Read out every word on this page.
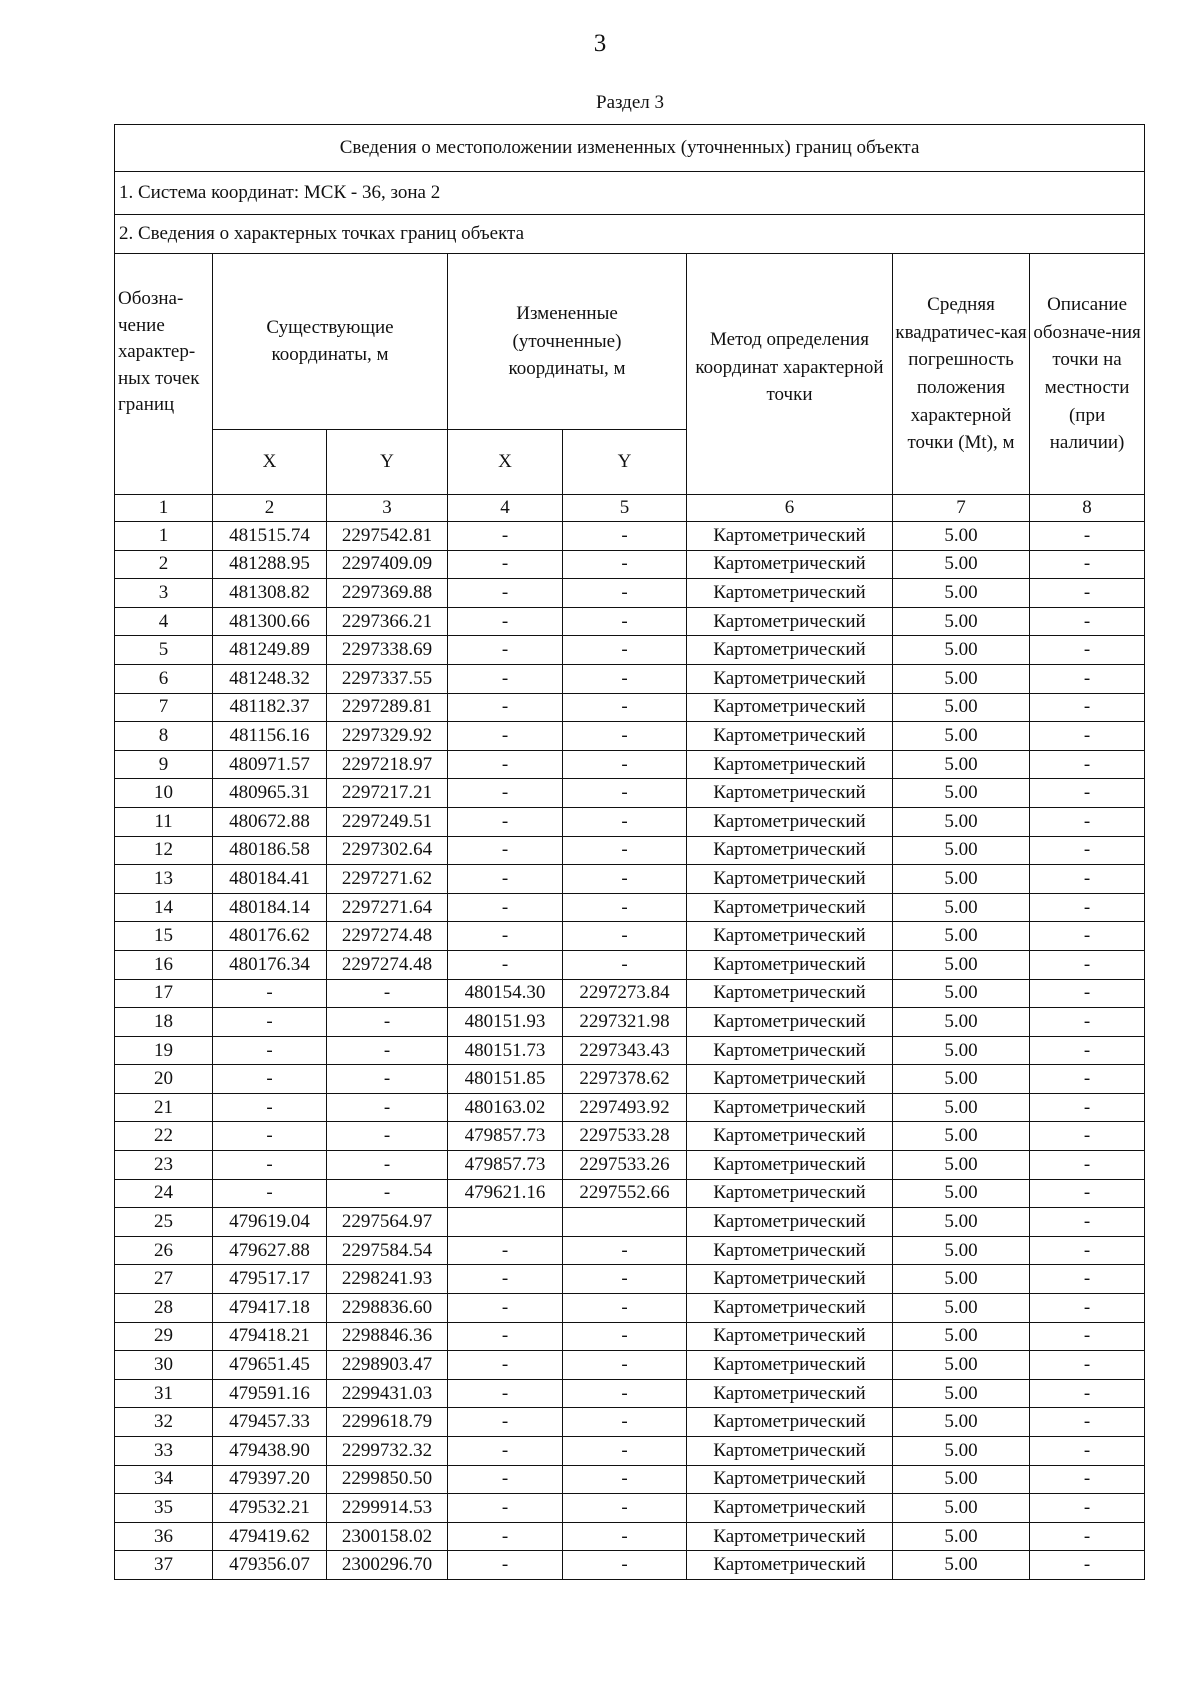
3
Раздел 3
Сведения о местоположении измененных (уточненных) границ объекта							
1. Система координат: МСК - 36, зона 2							
2. Сведения о характерных точках границ объекта							
Обозна-чение характер-ных точек границ	Существующие координаты, м		Измененные (уточненные) координаты, м		Метод определения координат характерной точки	Средняя квадратичес-кая погрешность положения характерной точки (Mt), м	Описание обозначе-ния точки на местности (при наличии)
	X	Y	X	Y			
1	2	3	4	5	6	7	8
1	481515.74	2297542.81	-	-	Картометрический	5.00	-
2	481288.95	2297409.09	-	-	Картометрический	5.00	-
3	481308.82	2297369.88	-	-	Картометрический	5.00	-
4	481300.66	2297366.21	-	-	Картометрический	5.00	-
5	481249.89	2297338.69	-	-	Картометрический	5.00	-
6	481248.32	2297337.55	-	-	Картометрический	5.00	-
7	481182.37	2297289.81	-	-	Картометрический	5.00	-
8	481156.16	2297329.92	-	-	Картометрический	5.00	-
9	480971.57	2297218.97	-	-	Картометрический	5.00	-
10	480965.31	2297217.21	-	-	Картометрический	5.00	-
11	480672.88	2297249.51	-	-	Картометрический	5.00	-
12	480186.58	2297302.64	-	-	Картометрический	5.00	-
13	480184.41	2297271.62	-	-	Картометрический	5.00	-
14	480184.14	2297271.64	-	-	Картометрический	5.00	-
15	480176.62	2297274.48	-	-	Картометрический	5.00	-
16	480176.34	2297274.48	-	-	Картометрический	5.00	-
17	-	-	480154.30	2297273.84	Картометрический	5.00	-
18	-	-	480151.93	2297321.98	Картометрический	5.00	-
19	-	-	480151.73	2297343.43	Картометрический	5.00	-
20	-	-	480151.85	2297378.62	Картометрический	5.00	-
21	-	-	480163.02	2297493.92	Картометрический	5.00	-
22	-	-	479857.73	2297533.28	Картометрический	5.00	-
23	-	-	479857.73	2297533.26	Картометрический	5.00	-
24	-	-	479621.16	2297552.66	Картометрический	5.00	-
25	479619.04	2297564.97			Картометрический	5.00	-
26	479627.88	2297584.54	-	-	Картометрический	5.00	-
27	479517.17	2298241.93	-	-	Картометрический	5.00	-
28	479417.18	2298836.60	-	-	Картометрический	5.00	-
29	479418.21	2298846.36	-	-	Картометрический	5.00	-
30	479651.45	2298903.47	-	-	Картометрический	5.00	-
31	479591.16	2299431.03	-	-	Картометрический	5.00	-
32	479457.33	2299618.79	-	-	Картометрический	5.00	-
33	479438.90	2299732.32	-	-	Картометрический	5.00	-
34	479397.20	2299850.50	-	-	Картометрический	5.00	-
35	479532.21	2299914.53	-	-	Картометрический	5.00	-
36	479419.62	2300158.02	-	-	Картометрический	5.00	-
37	479356.07	2300296.70	-	-	Картометрический	5.00	-
